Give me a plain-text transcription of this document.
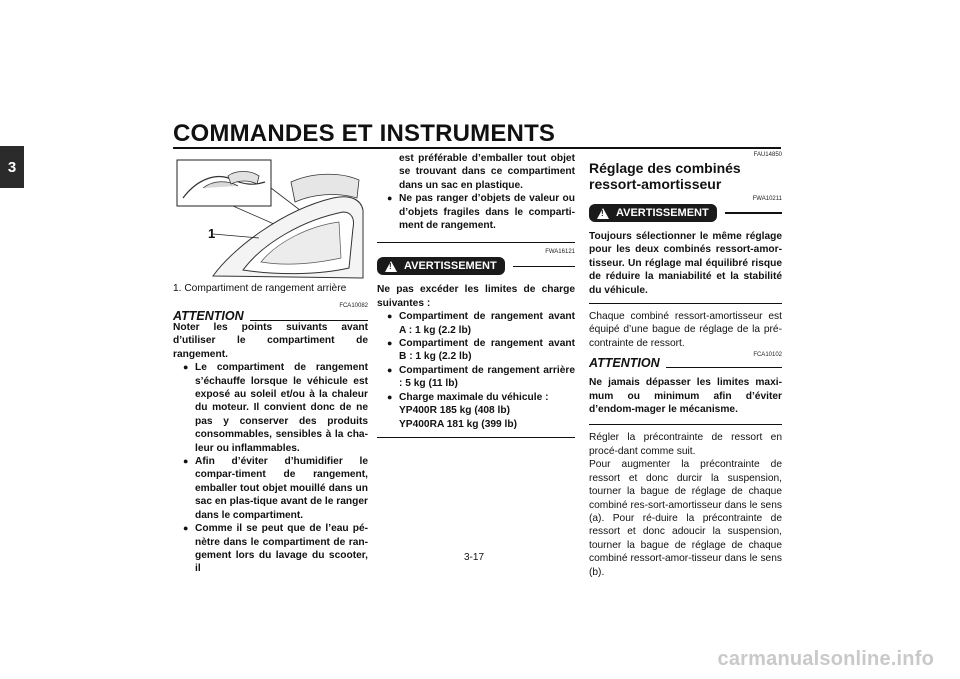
COMMANDES ET INSTRUMENTS
3
1
1. Compartiment de rangement arrière
ATTENTION
FCA10082
Noter les points suivants avant d’utiliser le compartiment de rangement.
● Le compartiment de rangement s’échauffe lorsque le véhicule est exposé au soleil et/ou à la chaleur du moteur. Il convient donc de ne pas y conserver des produits consommables, sensibles à la cha-leur ou inflammables.
● Afin d’éviter d’humidifier le compar-timent de rangement, emballer tout objet mouillé dans un sac en plas-tique avant de le ranger dans le compartiment.
● Comme il se peut que de l’eau pé-nètre dans le compartiment de ran-gement lors du lavage du scooter, il
est préférable d’emballer tout objet se trouvant dans ce compartiment dans un sac en plastique.
● Ne pas ranger d’objets de valeur ou d’objets fragiles dans le comparti-ment de rangement.
FWA16121
! AVERTISSEMENT
Ne pas excéder les limites de charge suivantes :
● Compartiment de rangement avant A : 1 kg (2.2 lb)
● Compartiment de rangement avant B : 1 kg (2.2 lb)
● Compartiment de rangement arrière : 5 kg (11 lb)
● Charge maximale du véhicule : YP400R 185 kg (408 lb) YP400RA 181 kg (399 lb)
FAU14850
Réglage des combinés ressort-amortisseur
FWA10211
! AVERTISSEMENT
Toujours sélectionner le même réglage pour les deux combinés ressort-amor-tisseur. Un réglage mal équilibré risque de réduire la maniabilité et la stabilité du véhicule.
Chaque combiné ressort-amortisseur est équipé d’une bague de réglage de la pré-contrainte de ressort.
FCA10102
ATTENTION
Ne jamais dépasser les limites maxi-mum ou minimum afin d’éviter d’endom-mager le mécanisme.
Régler la précontrainte de ressort en procé-dant comme suit.
Pour augmenter la précontrainte de ressort et donc durcir la suspension, tourner la bague de réglage de chaque combiné res-sort-amortisseur dans le sens (a). Pour ré-duire la précontrainte de ressort et donc adoucir la suspension, tourner la bague de réglage de chaque combiné ressort-amor-tisseur dans le sens (b).
3-17
carmanualsonline.info
